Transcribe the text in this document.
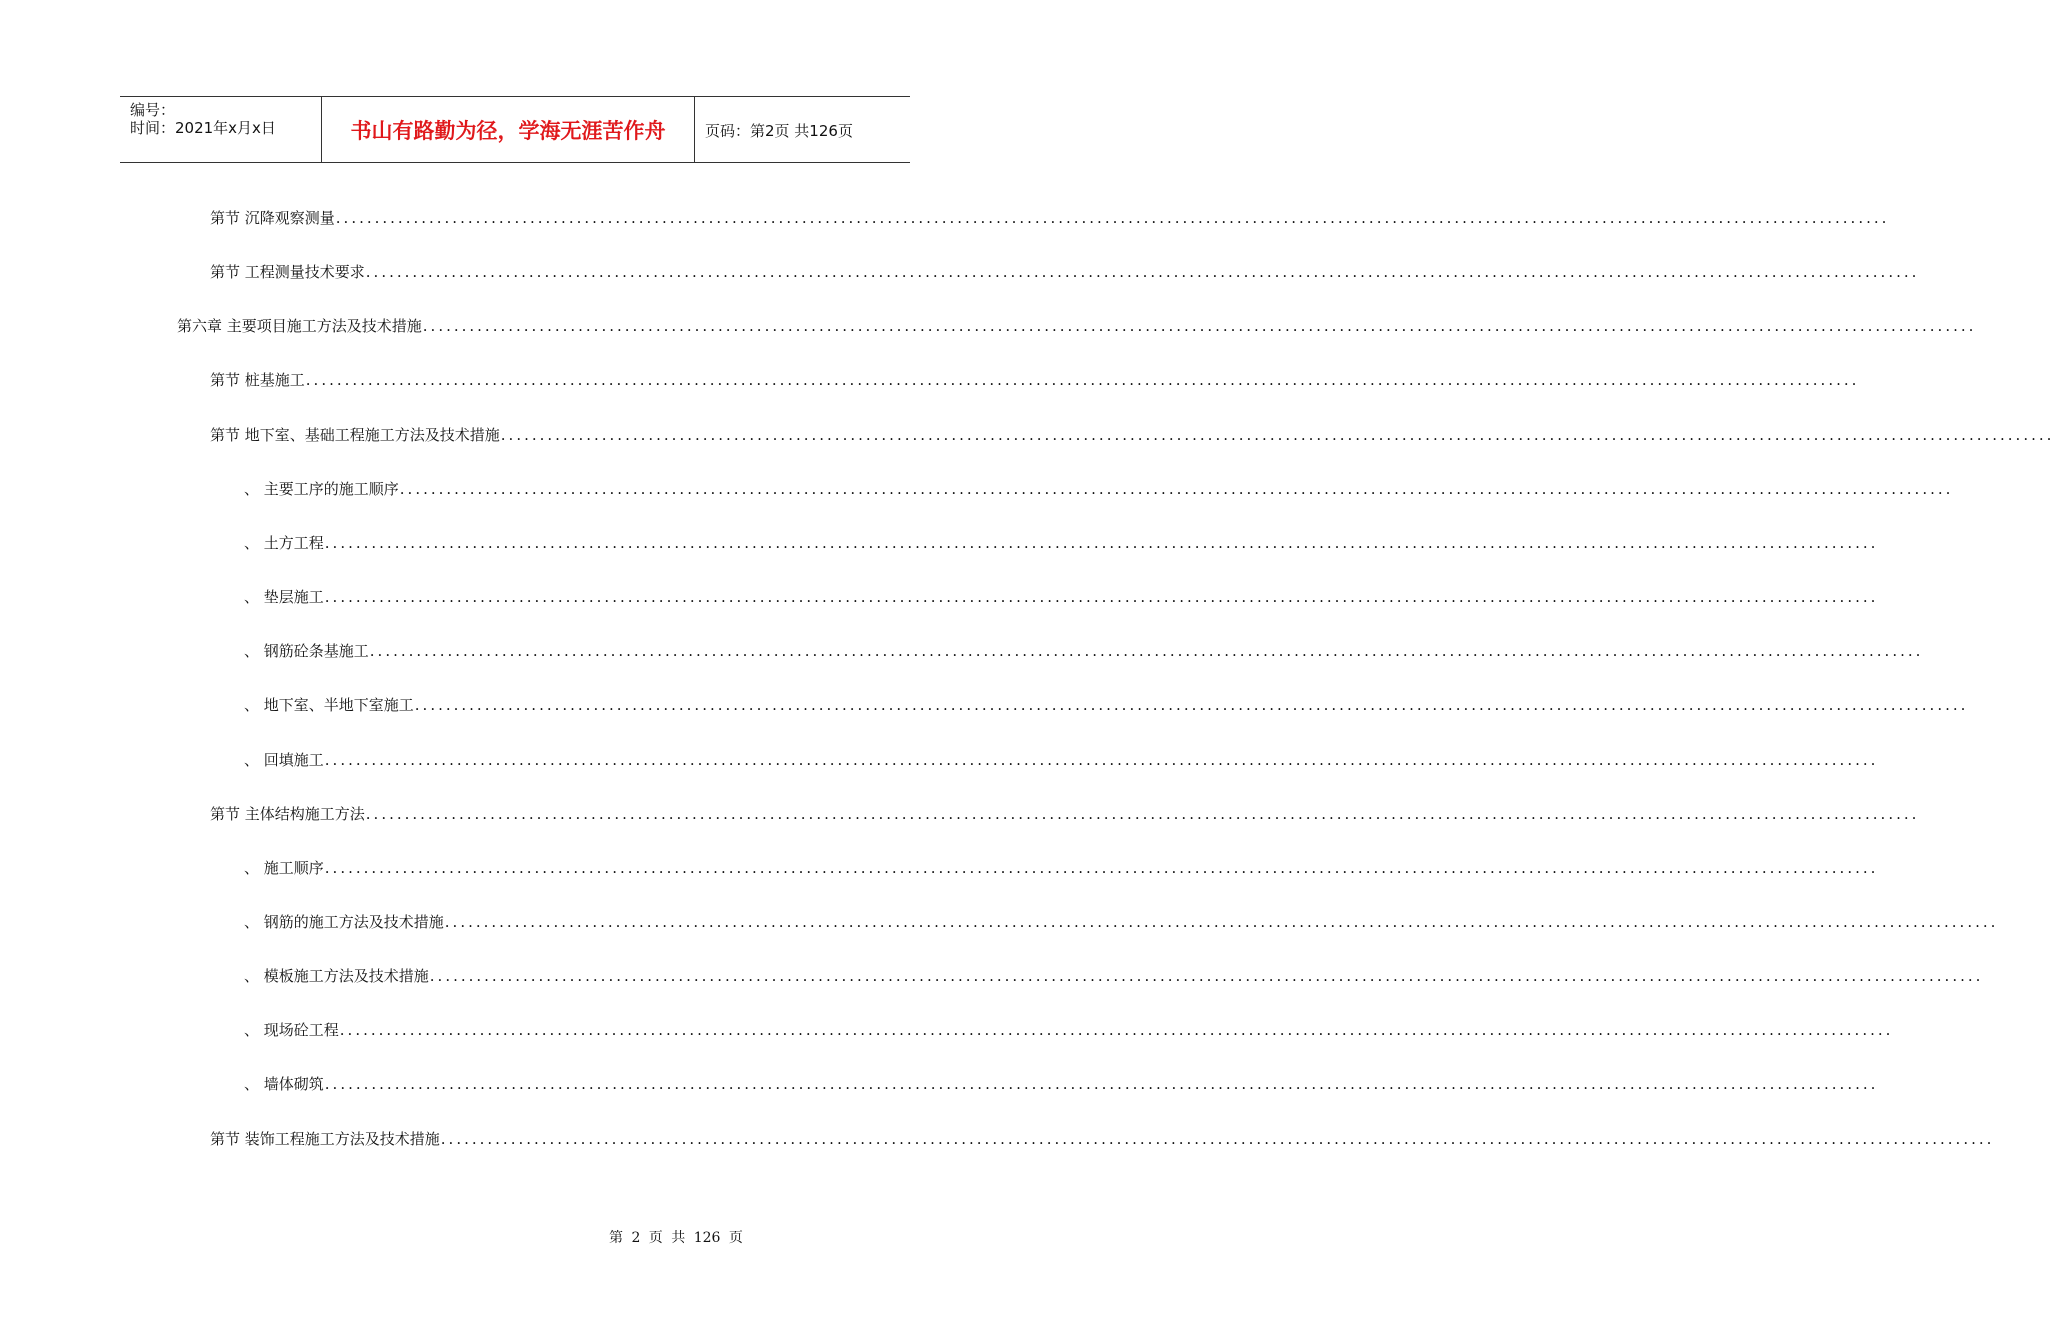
编号：
时间：2021年x月x日	书山有路勤为径，学海无涯苦作舟	页码：第2页 共126页
第节 沉降观察测量 ........................................................................................................................................................................................................
第节 工程测量技术要求 ........................................................................................................................................................................................................
第六章 主要项目施工方法及技术措施 ........................................................................................................................................................................................................
第节 桩基施工 ........................................................................................................................................................................................................
第节 地下室、基础工程施工方法及技术措施 ........................................................................................................................................................................................................
、 主要工序的施工顺序 ........................................................................................................................................................................................................
、 土方工程 ........................................................................................................................................................................................................
、 垫层施工 ........................................................................................................................................................................................................
、 钢筋砼条基施工 ........................................................................................................................................................................................................
、 地下室、半地下室施工 ........................................................................................................................................................................................................
、 回填施工 ........................................................................................................................................................................................................
第节 主体结构施工方法 ........................................................................................................................................................................................................
、 施工顺序 ........................................................................................................................................................................................................
、 钢筋的施工方法及技术措施 ........................................................................................................................................................................................................
、 模板施工方法及技术措施 ........................................................................................................................................................................................................
、 现场砼工程 ........................................................................................................................................................................................................
、 墙体砌筑 ........................................................................................................................................................................................................
第节 装饰工程施工方法及技术措施 ........................................................................................................................................................................................................
第 2 页 共 126 页
